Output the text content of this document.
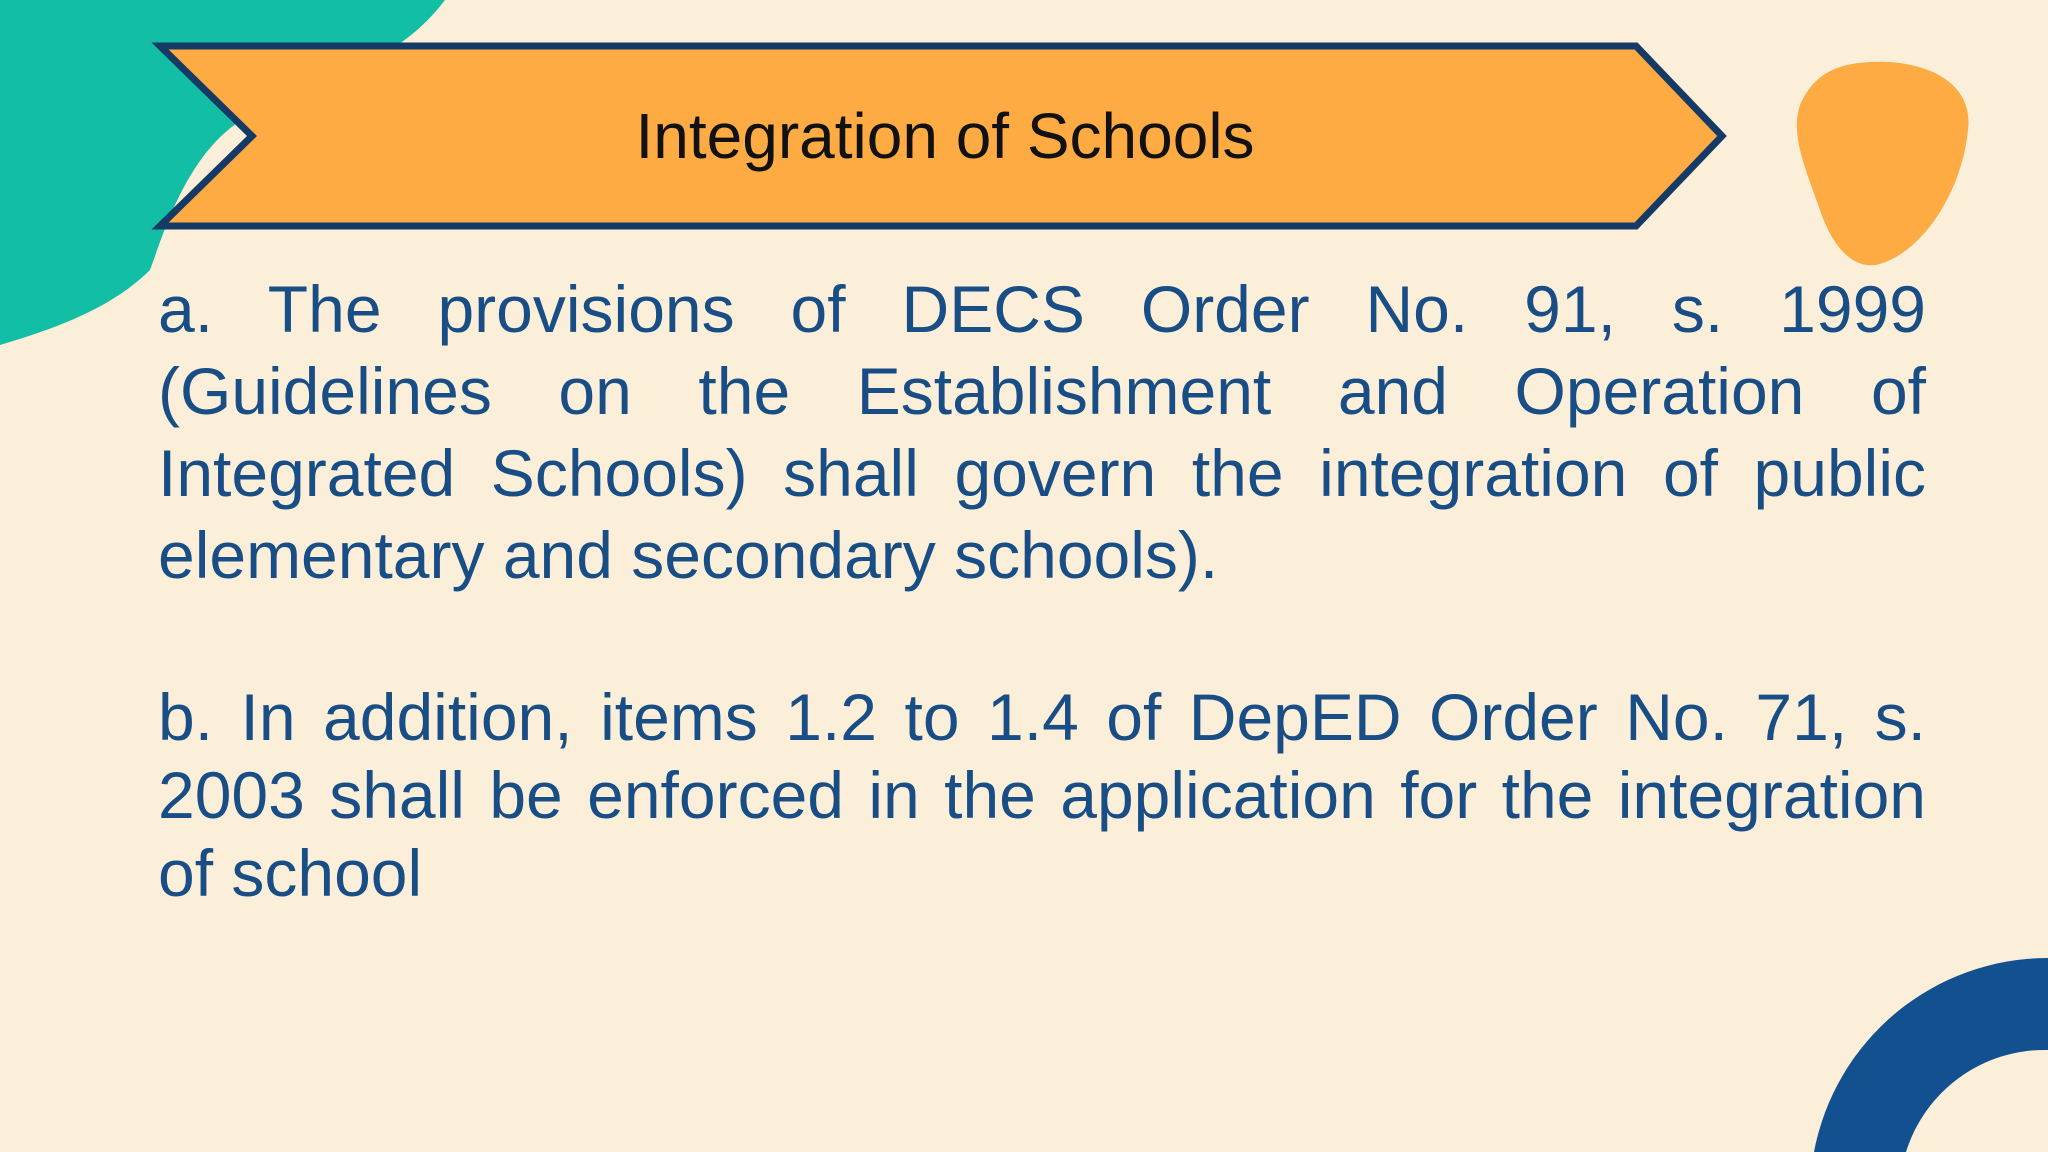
Integration of Schools

a. The provisions of DECS Order No. 91, s. 1999 (Guidelines on the Establishment and Operation of Integrated Schools) shall govern the integration of public elementary and secondary schools).

b. In addition, items 1.2 to 1.4 of DepED Order No. 71, s. 2003 shall be enforced in the application for the integration of school
